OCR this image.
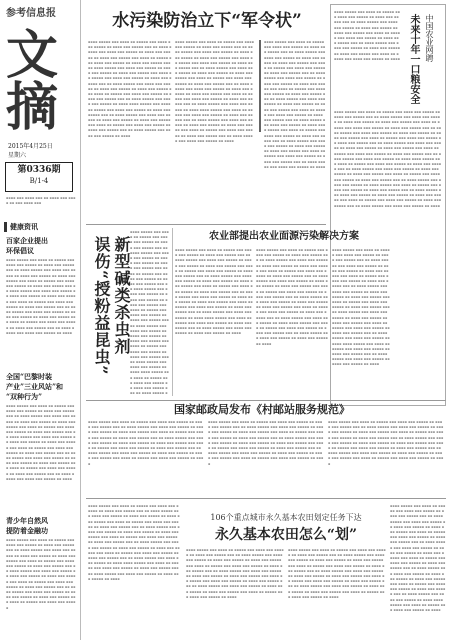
参考信息报
文摘
2015年4月25日
星期六
第0336期
B/1-4
▪▪▪▪ ▪▪▪ ▪▪▪▪ ▪▪▪ ▪▪ ▪▪▪▪ ▪▪▪ ▪▪▪▪ ▪▪ ▪▪▪ ▪▪▪▪ ▪▪▪
健康资讯
百家企业提出
环保倡议
▪▪▪▪ ▪▪▪▪▪ ▪▪▪ ▪▪▪▪ ▪▪ ▪▪▪▪▪ ▪▪▪ ▪▪▪▪ ▪▪▪ ▪▪▪▪▪ ▪▪ ▪▪▪▪ ▪▪▪ ▪▪▪▪▪ ▪▪▪ ▪▪ ▪▪▪▪ ▪▪▪▪▪ ▪▪▪ ▪▪▪▪ ▪▪▪ ▪▪▪▪▪ ▪▪ ▪▪▪▪ ▪▪▪ ▪▪▪▪▪ ▪▪ ▪▪▪▪ ▪▪▪ ▪▪▪▪▪ ▪▪▪ ▪▪▪▪ ▪▪ ▪▪▪▪▪ ▪▪▪ ▪▪▪▪ ▪▪▪ ▪▪▪▪▪ ▪▪ ▪▪▪▪ ▪▪▪ ▪▪▪▪▪ ▪▪▪ ▪▪ ▪▪▪▪ ▪▪▪▪▪ ▪▪▪ ▪▪▪▪ ▪▪▪ ▪▪▪▪▪ ▪▪ ▪▪▪▪ ▪▪▪ ▪▪▪▪▪ ▪▪ ▪▪▪▪ ▪▪▪ ▪▪▪▪▪ ▪▪▪ ▪▪▪▪ ▪▪ ▪▪▪▪▪ ▪▪▪ ▪▪▪▪ ▪▪▪ ▪▪▪▪▪ ▪▪ ▪▪▪▪ ▪▪▪ ▪▪▪▪▪ ▪▪▪ ▪▪ ▪▪▪▪ ▪▪▪▪▪ ▪▪▪ ▪▪▪▪ ▪▪▪ ▪▪▪▪▪ ▪▪ ▪▪▪▪ ▪▪▪ ▪▪▪▪▪ ▪▪ ▪▪▪▪ ▪▪▪ ▪▪▪▪▪ ▪▪▪ ▪▪▪▪ ▪▪ ▪▪▪▪▪ ▪▪▪ ▪▪▪▪ ▪▪▪ ▪▪▪▪▪ ▪▪ ▪▪▪▪ ▪▪▪ ▪▪▪▪▪ ▪▪▪ ▪▪ ▪▪▪▪ ▪▪▪▪▪ ▪▪▪ ▪▪▪▪ ▪▪▪ ▪▪▪▪▪ ▪▪ ▪▪▪▪
全国“巴黎时装
产业”三业风站”和
“双种行为”
▪▪▪▪ ▪▪▪▪▪ ▪▪▪ ▪▪▪▪ ▪▪ ▪▪▪▪▪ ▪▪▪ ▪▪▪▪ ▪▪▪ ▪▪▪▪▪ ▪▪ ▪▪▪▪ ▪▪▪ ▪▪▪▪▪ ▪▪▪ ▪▪ ▪▪▪▪ ▪▪▪▪▪ ▪▪▪ ▪▪▪▪ ▪▪▪ ▪▪▪▪▪ ▪▪ ▪▪▪▪ ▪▪▪ ▪▪▪▪▪ ▪▪ ▪▪▪▪ ▪▪▪ ▪▪▪▪▪ ▪▪▪ ▪▪▪▪ ▪▪ ▪▪▪▪▪ ▪▪▪ ▪▪▪▪ ▪▪▪ ▪▪▪▪▪ ▪▪ ▪▪▪▪ ▪▪▪ ▪▪▪▪▪ ▪▪▪ ▪▪ ▪▪▪▪ ▪▪▪▪▪ ▪▪▪ ▪▪▪▪ ▪▪▪ ▪▪▪▪▪ ▪▪ ▪▪▪▪ ▪▪▪ ▪▪▪▪▪ ▪▪ ▪▪▪▪ ▪▪▪ ▪▪▪▪▪ ▪▪▪ ▪▪▪▪ ▪▪ ▪▪▪▪▪ ▪▪▪ ▪▪▪▪ ▪▪▪ ▪▪▪▪▪ ▪▪ ▪▪▪▪ ▪▪▪ ▪▪▪▪▪ ▪▪▪ ▪▪ ▪▪▪▪ ▪▪▪▪▪ ▪▪▪ ▪▪▪▪ ▪▪▪ ▪▪▪▪▪ ▪▪ ▪▪▪▪ ▪▪▪ ▪▪▪▪▪ ▪▪ ▪▪▪▪ ▪▪▪ ▪▪▪▪▪ ▪▪▪ ▪▪▪▪ ▪▪ ▪▪▪▪▪ ▪▪▪ ▪▪▪▪ ▪▪▪ ▪▪▪▪▪ ▪▪ ▪▪▪▪ ▪▪▪ ▪▪▪▪▪ ▪▪▪ ▪▪ ▪▪▪▪ ▪▪▪▪▪ ▪▪▪ ▪▪▪▪ ▪▪▪ ▪▪▪▪▪ ▪▪ ▪▪▪▪
青少年自然风
提防着金融功
▪▪▪▪ ▪▪▪▪▪ ▪▪▪ ▪▪▪▪ ▪▪ ▪▪▪▪▪ ▪▪▪ ▪▪▪▪ ▪▪▪ ▪▪▪▪▪ ▪▪ ▪▪▪▪ ▪▪▪ ▪▪▪▪▪ ▪▪▪ ▪▪ ▪▪▪▪ ▪▪▪▪▪ ▪▪▪ ▪▪▪▪ ▪▪▪ ▪▪▪▪▪ ▪▪ ▪▪▪▪ ▪▪▪ ▪▪▪▪▪ ▪▪ ▪▪▪▪ ▪▪▪ ▪▪▪▪▪ ▪▪▪ ▪▪▪▪ ▪▪ ▪▪▪▪▪ ▪▪▪ ▪▪▪▪ ▪▪▪ ▪▪▪▪▪ ▪▪ ▪▪▪▪ ▪▪▪ ▪▪▪▪▪ ▪▪▪ ▪▪ ▪▪▪▪ ▪▪▪▪▪ ▪▪▪ ▪▪▪▪ ▪▪▪ ▪▪▪▪▪ ▪▪ ▪▪▪▪ ▪▪▪ ▪▪▪▪▪ ▪▪ ▪▪▪▪ ▪▪▪ ▪▪▪▪▪ ▪▪▪ ▪▪▪▪ ▪▪ ▪▪▪▪▪ ▪▪▪ ▪▪▪▪ ▪▪▪ ▪▪▪▪▪ ▪▪ ▪▪▪▪ ▪▪▪ ▪▪▪▪▪ ▪▪▪ ▪▪ ▪▪▪▪ ▪▪▪▪▪ ▪▪▪ ▪▪▪▪ ▪▪▪ ▪▪▪▪▪ ▪▪ ▪▪▪▪ ▪▪▪ ▪▪▪▪▪ ▪▪ ▪▪▪▪ ▪▪▪ ▪▪▪▪▪ ▪▪▪ ▪▪▪▪ ▪▪ ▪▪▪▪▪ ▪▪▪ ▪▪▪▪ ▪▪▪ ▪▪▪▪▪
水污染防治立下“军令状”
▪▪▪▪ ▪▪▪▪▪ ▪▪▪ ▪▪▪▪ ▪▪ ▪▪▪▪▪ ▪▪▪ ▪▪▪▪ ▪▪▪ ▪▪▪▪▪ ▪▪ ▪▪▪▪ ▪▪▪ ▪▪▪▪▪ ▪▪▪ ▪▪ ▪▪▪▪ ▪▪▪▪▪ ▪▪▪ ▪▪▪▪ ▪▪▪ ▪▪▪▪▪ ▪▪ ▪▪▪▪ ▪▪▪ ▪▪▪▪▪ ▪▪ ▪▪▪▪ ▪▪▪ ▪▪▪▪▪ ▪▪▪ ▪▪▪▪ ▪▪ ▪▪▪▪▪ ▪▪▪ ▪▪▪▪ ▪▪▪ ▪▪▪▪▪ ▪▪ ▪▪▪▪ ▪▪▪ ▪▪▪▪▪ ▪▪▪ ▪▪ ▪▪▪▪ ▪▪▪▪▪ ▪▪▪ ▪▪▪▪ ▪▪▪ ▪▪▪▪▪ ▪▪ ▪▪▪▪ ▪▪▪ ▪▪▪▪▪ ▪▪ ▪▪▪▪ ▪▪▪ ▪▪▪▪▪ ▪▪▪ ▪▪▪▪ ▪▪ ▪▪▪▪▪ ▪▪▪ ▪▪▪▪ ▪▪▪ ▪▪▪▪▪ ▪▪ ▪▪▪▪ ▪▪▪ ▪▪▪▪▪ ▪▪▪ ▪▪ ▪▪▪▪ ▪▪▪▪▪ ▪▪▪ ▪▪▪▪ ▪▪▪ ▪▪▪▪▪ ▪▪ ▪▪▪▪ ▪▪▪ ▪▪▪▪▪ ▪▪ ▪▪▪▪ ▪▪▪ ▪▪▪▪▪ ▪▪▪ ▪▪▪▪ ▪▪ ▪▪▪▪▪ ▪▪▪ ▪▪▪▪ ▪▪▪ ▪▪▪▪▪ ▪▪ ▪▪▪▪ ▪▪▪ ▪▪▪▪▪ ▪▪▪ ▪▪ ▪▪▪▪ ▪▪▪▪▪ ▪▪▪ ▪▪▪▪ ▪▪▪ ▪▪▪▪▪ ▪▪ ▪▪▪▪ ▪▪▪▪ ▪▪▪▪▪ ▪▪▪ ▪▪▪▪ ▪▪ ▪▪▪▪▪ ▪▪▪ ▪▪▪▪ ▪▪▪ ▪▪▪▪▪ ▪▪ ▪▪▪▪ ▪▪▪ ▪▪▪▪▪ ▪▪▪ ▪▪ ▪▪▪▪ ▪▪▪▪▪ ▪▪▪ ▪▪▪▪ ▪▪▪ ▪▪▪▪▪ ▪▪ ▪▪▪▪ ▪▪▪ ▪▪▪▪▪ ▪▪ ▪▪▪▪ ▪▪▪ ▪▪▪▪▪ ▪▪▪ ▪▪▪▪ ▪▪ ▪▪▪▪▪ ▪▪▪ ▪▪▪▪ ▪▪▪ ▪▪▪▪▪ ▪▪ ▪▪▪▪ ▪▪▪ ▪▪▪▪▪ ▪▪▪ ▪▪ ▪▪▪▪ ▪▪▪▪▪ ▪▪▪ ▪▪▪▪ ▪▪▪ ▪▪▪▪▪ ▪▪ ▪▪▪▪
▪▪▪▪ ▪▪▪▪▪ ▪▪▪ ▪▪▪▪ ▪▪ ▪▪▪▪▪ ▪▪▪ ▪▪▪▪ ▪▪▪ ▪▪▪▪▪ ▪▪ ▪▪▪▪ ▪▪▪ ▪▪▪▪▪ ▪▪▪ ▪▪ ▪▪▪▪ ▪▪▪▪▪ ▪▪▪ ▪▪▪▪ ▪▪▪ ▪▪▪▪▪ ▪▪ ▪▪▪▪ ▪▪▪ ▪▪▪▪▪ ▪▪ ▪▪▪▪ ▪▪▪ ▪▪▪▪▪ ▪▪▪ ▪▪▪▪ ▪▪ ▪▪▪▪▪ ▪▪▪ ▪▪▪▪ ▪▪▪ ▪▪▪▪▪ ▪▪ ▪▪▪▪ ▪▪▪ ▪▪▪▪▪ ▪▪▪ ▪▪ ▪▪▪▪ ▪▪▪▪▪ ▪▪▪ ▪▪▪▪ ▪▪▪ ▪▪▪▪▪ ▪▪ ▪▪▪▪ ▪▪▪ ▪▪▪▪▪ ▪▪ ▪▪▪▪ ▪▪▪ ▪▪▪▪▪ ▪▪▪ ▪▪▪▪ ▪▪ ▪▪▪▪▪ ▪▪▪ ▪▪▪▪ ▪▪▪ ▪▪▪▪▪ ▪▪ ▪▪▪▪ ▪▪▪ ▪▪▪▪▪ ▪▪▪ ▪▪ ▪▪▪▪ ▪▪▪▪▪ ▪▪▪ ▪▪▪▪ ▪▪▪ ▪▪▪▪▪ ▪▪ ▪▪▪▪ ▪▪▪ ▪▪▪▪▪ ▪▪ ▪▪▪▪ ▪▪▪ ▪▪▪▪▪ ▪▪▪ ▪▪▪▪ ▪▪ ▪▪▪▪▪ ▪▪▪ ▪▪▪▪ ▪▪▪ ▪▪▪▪▪ ▪▪ ▪▪▪▪ ▪▪▪ ▪▪▪▪▪ ▪▪▪ ▪▪ ▪▪▪▪ ▪▪▪▪▪ ▪▪▪ ▪▪▪▪ ▪▪▪ ▪▪▪▪▪ ▪▪ ▪▪▪▪ ▪▪▪▪ ▪▪▪▪▪ ▪▪▪ ▪▪▪▪ ▪▪ ▪▪▪▪▪ ▪▪▪ ▪▪▪▪ ▪▪▪ ▪▪▪▪▪ ▪▪ ▪▪▪▪ ▪▪▪ ▪▪▪▪▪ ▪▪▪ ▪▪ ▪▪▪▪ ▪▪▪▪▪ ▪▪▪ ▪▪▪▪ ▪▪▪ ▪▪▪▪▪ ▪▪ ▪▪▪▪ ▪▪▪ ▪▪▪▪▪ ▪▪ ▪▪▪▪ ▪▪▪ ▪▪▪▪▪ ▪▪▪ ▪▪▪▪ ▪▪ ▪▪▪▪▪ ▪▪▪ ▪▪▪▪ ▪▪▪ ▪▪▪▪▪ ▪▪ ▪▪▪▪ ▪▪▪ ▪▪▪▪▪ ▪▪▪ ▪▪ ▪▪▪▪ ▪▪▪▪▪ ▪▪▪ ▪▪▪▪ ▪▪▪ ▪▪▪▪▪ ▪▪ ▪▪▪▪
▪▪▪▪ ▪▪▪▪▪ ▪▪▪ ▪▪▪▪ ▪▪ ▪▪▪▪▪ ▪▪▪ ▪▪▪▪ ▪▪▪ ▪▪▪▪▪ ▪▪ ▪▪▪▪ ▪▪▪ ▪▪▪▪▪ ▪▪▪ ▪▪ ▪▪▪▪ ▪▪▪▪▪ ▪▪▪ ▪▪▪▪ ▪▪▪ ▪▪▪▪▪ ▪▪ ▪▪▪▪ ▪▪▪ ▪▪▪▪▪ ▪▪ ▪▪▪▪ ▪▪▪ ▪▪▪▪▪ ▪▪▪ ▪▪▪▪ ▪▪ ▪▪▪▪▪ ▪▪▪ ▪▪▪▪ ▪▪▪ ▪▪▪▪▪ ▪▪ ▪▪▪▪ ▪▪▪ ▪▪▪▪▪ ▪▪▪ ▪▪ ▪▪▪▪ ▪▪▪▪▪ ▪▪▪ ▪▪▪▪ ▪▪▪ ▪▪▪▪▪ ▪▪ ▪▪▪▪ ▪▪▪ ▪▪▪▪▪ ▪▪ ▪▪▪▪ ▪▪▪ ▪▪▪▪▪ ▪▪▪ ▪▪▪▪ ▪▪ ▪▪▪▪▪ ▪▪▪ ▪▪▪▪ ▪▪▪ ▪▪▪▪▪ ▪▪ ▪▪▪▪ ▪▪▪ ▪▪▪▪▪ ▪▪▪ ▪▪ ▪▪▪▪ ▪▪▪▪▪ ▪▪▪ ▪▪▪▪ ▪▪▪ ▪▪▪▪▪ ▪▪ ▪▪▪▪ ▪▪▪ ▪▪▪▪▪ ▪▪ ▪▪▪▪ ▪▪▪ ▪▪▪▪▪ ▪▪▪ ▪▪▪▪ ▪▪ ▪▪▪▪▪ ▪▪▪ ▪▪▪▪ ▪▪▪ ▪▪▪▪▪ ▪▪ ▪▪▪▪ ▪▪▪ ▪▪▪▪▪ ▪▪▪ ▪▪ ▪▪▪▪ ▪▪▪▪▪ ▪▪▪ ▪▪▪▪ ▪▪▪ ▪▪▪▪▪ ▪▪ ▪▪▪▪ ▪▪▪▪ ▪▪▪▪▪ ▪▪▪ ▪▪▪▪ ▪▪ ▪▪▪▪▪ ▪▪▪ ▪▪▪▪ ▪▪▪ ▪▪▪▪▪ ▪▪ ▪▪▪▪ ▪▪▪ ▪▪▪▪▪ ▪▪▪ ▪▪ ▪▪▪▪ ▪▪▪▪▪ ▪▪▪ ▪▪▪▪ ▪▪▪ ▪▪▪▪▪ ▪▪ ▪▪▪▪ ▪▪▪ ▪▪▪▪▪ ▪▪ ▪▪▪▪ ▪▪▪ ▪▪▪▪▪ ▪▪▪ ▪▪▪▪ ▪▪ ▪▪▪▪▪ ▪▪▪ ▪▪▪▪ ▪▪▪ ▪▪▪▪▪ ▪▪ ▪▪▪▪ ▪▪▪ ▪▪▪▪▪ ▪▪▪ ▪▪ ▪▪▪▪ ▪▪▪▪▪ ▪▪▪ ▪▪▪▪ ▪▪▪ ▪▪▪▪▪ ▪▪ ▪▪▪▪
中国农业网聘
未来十年一口粮安全
▪▪▪▪ ▪▪▪▪▪ ▪▪▪ ▪▪▪▪ ▪▪ ▪▪▪▪▪ ▪▪▪ ▪▪▪▪ ▪▪▪ ▪▪▪▪▪ ▪▪ ▪▪▪▪ ▪▪▪ ▪▪▪▪▪ ▪▪▪ ▪▪ ▪▪▪▪ ▪▪▪▪▪ ▪▪▪ ▪▪▪▪ ▪▪▪ ▪▪▪▪▪ ▪▪ ▪▪▪▪ ▪▪▪ ▪▪▪▪▪ ▪▪ ▪▪▪▪ ▪▪▪ ▪▪▪▪▪ ▪▪▪ ▪▪▪▪ ▪▪ ▪▪▪▪▪ ▪▪▪ ▪▪▪▪ ▪▪▪ ▪▪▪▪▪ ▪▪ ▪▪▪▪ ▪▪▪ ▪▪▪▪▪ ▪▪▪ ▪▪ ▪▪▪▪ ▪▪▪▪▪ ▪▪▪ ▪▪▪▪ ▪▪▪ ▪▪▪▪▪ ▪▪ ▪▪▪▪ ▪▪▪ ▪▪▪▪▪ ▪▪ ▪▪▪▪ ▪▪▪ ▪▪▪▪▪ ▪▪▪ ▪▪▪▪ ▪▪ ▪▪▪▪▪ ▪▪▪ ▪▪▪▪ ▪▪▪ ▪▪▪▪▪ ▪▪ ▪▪▪▪
▪▪▪▪ ▪▪▪▪▪ ▪▪▪ ▪▪▪▪ ▪▪ ▪▪▪▪▪ ▪▪▪ ▪▪▪▪ ▪▪▪ ▪▪▪▪▪ ▪▪ ▪▪▪▪ ▪▪▪ ▪▪▪▪▪ ▪▪▪ ▪▪ ▪▪▪▪ ▪▪▪▪▪ ▪▪▪ ▪▪▪▪ ▪▪▪ ▪▪▪▪▪ ▪▪ ▪▪▪▪ ▪▪▪ ▪▪▪▪▪ ▪▪ ▪▪▪▪ ▪▪▪ ▪▪▪▪▪ ▪▪▪ ▪▪▪▪ ▪▪ ▪▪▪▪▪ ▪▪▪ ▪▪▪▪ ▪▪▪ ▪▪▪▪▪ ▪▪ ▪▪▪▪ ▪▪▪ ▪▪▪▪▪ ▪▪▪ ▪▪ ▪▪▪▪ ▪▪▪▪▪ ▪▪▪ ▪▪▪▪ ▪▪▪ ▪▪▪▪▪ ▪▪ ▪▪▪▪ ▪▪▪ ▪▪▪▪▪ ▪▪ ▪▪▪▪ ▪▪▪ ▪▪▪▪▪ ▪▪▪ ▪▪▪▪ ▪▪ ▪▪▪▪▪ ▪▪▪ ▪▪▪▪ ▪▪▪ ▪▪▪▪▪ ▪▪ ▪▪▪▪ ▪▪▪ ▪▪▪▪▪ ▪▪▪ ▪▪ ▪▪▪▪ ▪▪▪▪▪ ▪▪▪ ▪▪▪▪ ▪▪▪ ▪▪▪▪▪ ▪▪ ▪▪▪▪ ▪▪▪ ▪▪▪▪▪ ▪▪ ▪▪▪▪ ▪▪▪ ▪▪▪▪▪ ▪▪▪ ▪▪▪▪ ▪▪ ▪▪▪▪▪ ▪▪▪ ▪▪▪▪ ▪▪▪ ▪▪▪▪▪ ▪▪ ▪▪▪▪ ▪▪▪ ▪▪▪▪▪ ▪▪▪ ▪▪ ▪▪▪▪ ▪▪▪▪▪ ▪▪▪ ▪▪▪▪ ▪▪▪ ▪▪▪▪▪ ▪▪ ▪▪▪▪ ▪▪▪▪ ▪▪▪▪▪ ▪▪▪ ▪▪▪▪ ▪▪ ▪▪▪▪▪ ▪▪▪ ▪▪▪▪ ▪▪▪ ▪▪▪▪▪ ▪▪ ▪▪▪▪ ▪▪▪ ▪▪▪▪▪ ▪▪▪ ▪▪ ▪▪▪▪ ▪▪▪▪▪ ▪▪▪ ▪▪▪▪ ▪▪▪ ▪▪▪▪▪ ▪▪ ▪▪▪▪ ▪▪▪ ▪▪▪▪▪ ▪▪ ▪▪▪▪ ▪▪▪ ▪▪▪▪▪ ▪▪▪ ▪▪▪▪ ▪▪ ▪▪▪▪▪ ▪▪▪ ▪▪▪▪ ▪▪▪ ▪▪▪▪▪ ▪▪ ▪▪▪▪ ▪▪▪ ▪▪▪▪▪ ▪▪▪ ▪▪ ▪▪▪▪ ▪▪▪▪▪ ▪▪▪ ▪▪▪▪ ▪▪▪ ▪▪▪▪▪ ▪▪ ▪▪▪▪ ▪▪▪▪▪ ▪▪▪ ▪▪▪▪ ▪▪ ▪▪▪▪▪ ▪▪▪ ▪▪▪▪ ▪▪▪ ▪▪▪▪▪ ▪▪ ▪▪▪▪ ▪▪▪ ▪▪▪▪▪ ▪▪▪ ▪▪ ▪▪▪▪ ▪▪▪▪▪ ▪▪▪ ▪▪▪▪ ▪▪▪ ▪▪▪▪▪ ▪▪ ▪▪▪▪ ▪▪▪ ▪▪▪▪▪ ▪▪ ▪▪▪▪ ▪▪▪ ▪▪▪▪▪ ▪▪▪ ▪▪▪▪ ▪▪ ▪▪▪▪▪ ▪▪▪ ▪▪▪▪ ▪▪▪ ▪▪▪▪▪ ▪▪ ▪▪▪▪ ▪▪▪ ▪▪▪▪▪ ▪▪▪ ▪▪ ▪▪▪▪ ▪▪▪▪▪ ▪▪▪ ▪▪▪▪ ▪▪▪ ▪▪▪▪▪ ▪▪ ▪▪▪▪
新型碱类杀虫剂
误伤“授粉益昆虫”
▪▪▪▪ ▪▪▪▪▪ ▪▪▪ ▪▪▪▪ ▪▪ ▪▪▪▪▪ ▪▪▪ ▪▪▪▪ ▪▪▪ ▪▪▪▪▪ ▪▪ ▪▪▪▪ ▪▪▪ ▪▪▪▪▪ ▪▪▪ ▪▪ ▪▪▪▪ ▪▪▪▪▪ ▪▪▪ ▪▪▪▪ ▪▪▪ ▪▪▪▪▪ ▪▪ ▪▪▪▪ ▪▪▪ ▪▪▪▪▪ ▪▪ ▪▪▪▪ ▪▪▪ ▪▪▪▪▪ ▪▪▪ ▪▪▪▪ ▪▪ ▪▪▪▪▪ ▪▪▪ ▪▪▪▪ ▪▪▪ ▪▪▪▪▪ ▪▪ ▪▪▪▪ ▪▪▪ ▪▪▪▪▪ ▪▪▪ ▪▪ ▪▪▪▪ ▪▪▪▪▪ ▪▪▪ ▪▪▪▪ ▪▪▪ ▪▪▪▪▪ ▪▪ ▪▪▪▪ ▪▪▪ ▪▪▪▪▪ ▪▪ ▪▪▪▪ ▪▪▪ ▪▪▪▪▪ ▪▪▪ ▪▪▪▪ ▪▪ ▪▪▪▪▪ ▪▪▪ ▪▪▪▪ ▪▪▪ ▪▪▪▪▪ ▪▪ ▪▪▪▪ ▪▪▪ ▪▪▪▪▪ ▪▪▪ ▪▪ ▪▪▪▪ ▪▪▪▪▪ ▪▪▪ ▪▪▪▪ ▪▪▪ ▪▪▪▪▪ ▪▪ ▪▪▪▪ ▪▪▪ ▪▪▪▪▪ ▪▪ ▪▪▪▪ ▪▪▪ ▪▪▪▪▪ ▪▪▪ ▪▪▪▪ ▪▪ ▪▪▪▪▪ ▪▪▪ ▪▪▪▪ ▪▪▪ ▪▪▪▪▪ ▪▪ ▪▪▪▪ ▪▪▪ ▪▪▪▪▪ ▪▪▪ ▪▪ ▪▪▪▪ ▪▪▪▪▪ ▪▪▪ ▪▪▪▪ ▪▪▪ ▪▪▪▪▪ ▪▪ ▪▪▪▪ ▪▪▪▪ ▪▪▪▪▪ ▪▪▪ ▪▪▪▪ ▪▪ ▪▪▪▪▪ ▪▪▪ ▪▪▪▪ ▪▪▪ ▪▪▪▪▪ ▪▪ ▪▪▪▪ ▪▪▪ ▪▪▪▪▪ ▪▪▪ ▪▪ ▪▪▪▪ ▪▪▪▪▪ ▪
农业部提出农业面源污染解决方案
▪▪▪▪ ▪▪▪▪▪ ▪▪▪ ▪▪▪▪ ▪▪ ▪▪▪▪▪ ▪▪▪ ▪▪▪▪ ▪▪▪ ▪▪▪▪▪ ▪▪ ▪▪▪▪ ▪▪▪ ▪▪▪▪▪ ▪▪▪ ▪▪ ▪▪▪▪ ▪▪▪▪▪ ▪▪▪ ▪▪▪▪ ▪▪▪ ▪▪▪▪▪ ▪▪ ▪▪▪▪ ▪▪▪ ▪▪▪▪▪ ▪▪ ▪▪▪▪ ▪▪▪ ▪▪▪▪▪ ▪▪▪ ▪▪▪▪ ▪▪ ▪▪▪▪▪ ▪▪▪ ▪▪▪▪ ▪▪▪ ▪▪▪▪▪ ▪▪ ▪▪▪▪ ▪▪▪ ▪▪▪▪▪ ▪▪▪ ▪▪ ▪▪▪▪ ▪▪▪▪▪ ▪▪▪ ▪▪▪▪ ▪▪▪ ▪▪▪▪▪ ▪▪ ▪▪▪▪ ▪▪▪ ▪▪▪▪▪ ▪▪ ▪▪▪▪ ▪▪▪ ▪▪▪▪▪ ▪▪▪ ▪▪▪▪ ▪▪ ▪▪▪▪▪ ▪▪▪ ▪▪▪▪ ▪▪▪ ▪▪▪▪▪ ▪▪ ▪▪▪▪ ▪▪▪ ▪▪▪▪▪ ▪▪▪ ▪▪ ▪▪▪▪ ▪▪▪▪▪ ▪▪▪ ▪▪▪▪ ▪▪▪ ▪▪▪▪▪ ▪▪ ▪▪▪▪ ▪▪▪ ▪▪▪▪▪ ▪▪ ▪▪▪▪ ▪▪▪ ▪▪▪▪▪ ▪▪▪ ▪▪▪▪ ▪▪ ▪▪▪▪▪ ▪▪▪ ▪▪▪▪ ▪▪▪ ▪▪▪▪▪ ▪▪ ▪▪▪▪ ▪▪▪ ▪▪▪▪▪ ▪▪▪ ▪▪ ▪▪▪▪ ▪▪▪▪▪ ▪▪▪ ▪▪▪▪ ▪▪▪ ▪▪▪▪▪ ▪▪ ▪▪▪▪ ▪▪▪▪ ▪▪▪▪▪ ▪▪▪ ▪▪▪▪ ▪▪ ▪▪▪▪▪ ▪▪▪ ▪▪▪▪ ▪▪▪ ▪▪▪▪▪ ▪▪ ▪▪▪▪ ▪▪▪ ▪▪▪▪▪ ▪▪▪ ▪▪ ▪▪▪▪ ▪▪▪▪▪ ▪▪▪ ▪▪▪▪ ▪▪▪ ▪▪▪▪▪ ▪▪ ▪▪▪▪ ▪▪▪ ▪▪▪▪▪ ▪▪ ▪▪▪▪
▪▪▪▪ ▪▪▪▪▪ ▪▪▪ ▪▪▪▪ ▪▪ ▪▪▪▪▪ ▪▪▪ ▪▪▪▪ ▪▪▪ ▪▪▪▪▪ ▪▪ ▪▪▪▪ ▪▪▪ ▪▪▪▪▪ ▪▪▪ ▪▪ ▪▪▪▪ ▪▪▪▪▪ ▪▪▪ ▪▪▪▪ ▪▪▪ ▪▪▪▪▪ ▪▪ ▪▪▪▪ ▪▪▪ ▪▪▪▪▪ ▪▪ ▪▪▪▪ ▪▪▪ ▪▪▪▪▪ ▪▪▪ ▪▪▪▪ ▪▪ ▪▪▪▪▪ ▪▪▪ ▪▪▪▪ ▪▪▪ ▪▪▪▪▪ ▪▪ ▪▪▪▪ ▪▪▪ ▪▪▪▪▪ ▪▪▪ ▪▪ ▪▪▪▪ ▪▪▪▪▪ ▪▪▪ ▪▪▪▪ ▪▪▪ ▪▪▪▪▪ ▪▪ ▪▪▪▪ ▪▪▪ ▪▪▪▪▪ ▪▪ ▪▪▪▪ ▪▪▪ ▪▪▪▪▪ ▪▪▪ ▪▪▪▪ ▪▪ ▪▪▪▪▪ ▪▪▪ ▪▪▪▪ ▪▪▪ ▪▪▪▪▪ ▪▪ ▪▪▪▪ ▪▪▪ ▪▪▪▪▪ ▪▪▪ ▪▪ ▪▪▪▪ ▪▪▪▪▪ ▪▪▪ ▪▪▪▪ ▪▪▪ ▪▪▪▪▪ ▪▪ ▪▪▪▪ ▪▪▪ ▪▪▪▪▪ ▪▪ ▪▪▪▪ ▪▪▪ ▪▪▪▪▪ ▪▪▪ ▪▪▪▪ ▪▪ ▪▪▪▪▪ ▪▪▪ ▪▪▪▪ ▪▪▪ ▪▪▪▪▪ ▪▪ ▪▪▪▪ ▪▪▪ ▪▪▪▪▪ ▪▪▪ ▪▪ ▪▪▪▪ ▪▪▪▪▪ ▪▪▪ ▪▪▪▪ ▪▪▪ ▪▪▪▪▪ ▪▪ ▪▪▪▪ ▪▪▪▪ ▪▪▪▪▪ ▪▪▪ ▪▪▪▪ ▪▪ ▪▪▪▪▪ ▪▪▪ ▪▪▪▪ ▪▪▪ ▪▪▪▪▪ ▪▪ ▪▪▪▪ ▪▪▪ ▪▪▪▪▪ ▪▪▪ ▪▪ ▪▪▪▪ ▪▪▪▪▪ ▪▪▪ ▪▪▪▪ ▪▪▪ ▪▪▪▪▪ ▪▪ ▪▪▪▪ ▪▪▪ ▪▪▪▪▪ ▪▪ ▪▪▪▪
▪▪▪▪ ▪▪▪▪▪ ▪▪▪ ▪▪▪▪ ▪▪ ▪▪▪▪▪ ▪▪▪ ▪▪▪▪ ▪▪▪ ▪▪▪▪▪ ▪▪ ▪▪▪▪ ▪▪▪ ▪▪▪▪▪ ▪▪▪ ▪▪ ▪▪▪▪ ▪▪▪▪▪ ▪▪▪ ▪▪▪▪ ▪▪▪ ▪▪▪▪▪ ▪▪ ▪▪▪▪ ▪▪▪ ▪▪▪▪▪ ▪▪ ▪▪▪▪ ▪▪▪ ▪▪▪▪▪ ▪▪▪ ▪▪▪▪ ▪▪ ▪▪▪▪▪ ▪▪▪ ▪▪▪▪ ▪▪▪ ▪▪▪▪▪ ▪▪ ▪▪▪▪ ▪▪▪ ▪▪▪▪▪ ▪▪▪ ▪▪ ▪▪▪▪ ▪▪▪▪▪ ▪▪▪ ▪▪▪▪ ▪▪▪ ▪▪▪▪▪ ▪▪ ▪▪▪▪ ▪▪▪ ▪▪▪▪▪ ▪▪ ▪▪▪▪ ▪▪▪ ▪▪▪▪▪ ▪▪▪ ▪▪▪▪ ▪▪ ▪▪▪▪▪ ▪▪▪ ▪▪▪▪ ▪▪▪ ▪▪▪▪▪ ▪▪ ▪▪▪▪ ▪▪▪ ▪▪▪▪▪ ▪▪▪ ▪▪ ▪▪▪▪ ▪▪▪▪▪ ▪▪▪ ▪▪▪▪ ▪▪▪ ▪▪▪▪▪ ▪▪ ▪▪▪▪ ▪▪▪ ▪▪▪▪▪ ▪▪ ▪▪▪▪ ▪▪▪ ▪▪▪▪▪ ▪▪▪ ▪▪▪▪ ▪▪ ▪▪▪▪▪ ▪▪▪ ▪▪▪▪ ▪▪▪ ▪▪▪▪▪ ▪▪ ▪▪▪▪ ▪▪▪ ▪▪▪▪▪ ▪▪▪ ▪▪ ▪▪▪▪ ▪▪▪▪▪ ▪▪▪ ▪▪▪▪ ▪▪▪ ▪▪▪▪▪ ▪▪ ▪▪▪▪ ▪▪▪▪ ▪▪▪▪▪ ▪▪▪ ▪▪▪▪ ▪▪ ▪▪▪▪▪ ▪▪▪ ▪▪▪▪ ▪▪▪ ▪▪▪▪▪ ▪▪ ▪▪▪▪ ▪▪▪ ▪▪▪▪▪ ▪▪▪ ▪▪ ▪▪▪▪ ▪▪▪▪▪ ▪▪▪ ▪▪▪▪ ▪▪▪ ▪▪▪▪▪ ▪▪ ▪▪▪▪ ▪▪▪ ▪▪▪▪▪ ▪▪ ▪▪▪▪
国家邮政局发布《村邮站服务规范》
▪▪▪▪ ▪▪▪▪▪ ▪▪▪ ▪▪▪▪ ▪▪ ▪▪▪▪▪ ▪▪▪ ▪▪▪▪ ▪▪▪ ▪▪▪▪▪ ▪▪ ▪▪▪▪ ▪▪▪ ▪▪▪▪▪ ▪▪▪ ▪▪ ▪▪▪▪ ▪▪▪▪▪ ▪▪▪ ▪▪▪▪ ▪▪▪ ▪▪▪▪▪ ▪▪ ▪▪▪▪ ▪▪▪ ▪▪▪▪▪ ▪▪ ▪▪▪▪ ▪▪▪ ▪▪▪▪▪ ▪▪▪ ▪▪▪▪ ▪▪ ▪▪▪▪▪ ▪▪▪ ▪▪▪▪ ▪▪▪ ▪▪▪▪▪ ▪▪ ▪▪▪▪ ▪▪▪ ▪▪▪▪▪ ▪▪▪ ▪▪ ▪▪▪▪ ▪▪▪▪▪ ▪▪▪ ▪▪▪▪ ▪▪▪ ▪▪▪▪▪ ▪▪ ▪▪▪▪ ▪▪▪ ▪▪▪▪▪ ▪▪ ▪▪▪▪ ▪▪▪ ▪▪▪▪▪ ▪▪▪ ▪▪▪▪ ▪▪ ▪▪▪▪▪ ▪▪▪ ▪▪▪▪ ▪▪▪ ▪▪▪▪▪ ▪▪ ▪▪▪▪ ▪▪▪ ▪▪▪▪▪ ▪▪▪ ▪▪ ▪▪▪▪ ▪▪▪▪▪ ▪▪▪ ▪▪▪▪ ▪▪▪ ▪▪▪▪▪ ▪▪ ▪▪▪▪ ▪▪▪ ▪▪▪▪▪ ▪▪ ▪▪▪▪ ▪▪▪ ▪▪▪▪▪ ▪▪▪ ▪▪▪▪ ▪▪ ▪▪▪▪▪ ▪▪▪ ▪▪▪▪ ▪▪▪ ▪▪▪▪▪ ▪▪ ▪▪▪▪
▪▪▪▪ ▪▪▪▪▪ ▪▪▪ ▪▪▪▪ ▪▪ ▪▪▪▪▪ ▪▪▪ ▪▪▪▪ ▪▪▪ ▪▪▪▪▪ ▪▪ ▪▪▪▪ ▪▪▪ ▪▪▪▪▪ ▪▪▪ ▪▪ ▪▪▪▪ ▪▪▪▪▪ ▪▪▪ ▪▪▪▪ ▪▪▪ ▪▪▪▪▪ ▪▪ ▪▪▪▪ ▪▪▪ ▪▪▪▪▪ ▪▪ ▪▪▪▪ ▪▪▪ ▪▪▪▪▪ ▪▪▪ ▪▪▪▪ ▪▪ ▪▪▪▪▪ ▪▪▪ ▪▪▪▪ ▪▪▪ ▪▪▪▪▪ ▪▪ ▪▪▪▪ ▪▪▪ ▪▪▪▪▪ ▪▪▪ ▪▪ ▪▪▪▪ ▪▪▪▪▪ ▪▪▪ ▪▪▪▪ ▪▪▪ ▪▪▪▪▪ ▪▪ ▪▪▪▪ ▪▪▪ ▪▪▪▪▪ ▪▪ ▪▪▪▪ ▪▪▪ ▪▪▪▪▪ ▪▪▪ ▪▪▪▪ ▪▪ ▪▪▪▪▪ ▪▪▪ ▪▪▪▪ ▪▪▪ ▪▪▪▪▪ ▪▪ ▪▪▪▪ ▪▪▪ ▪▪▪▪▪ ▪▪▪ ▪▪ ▪▪▪▪ ▪▪▪▪▪ ▪▪▪ ▪▪▪▪ ▪▪▪ ▪▪▪▪▪ ▪▪ ▪▪▪▪ ▪▪▪ ▪▪▪▪▪ ▪▪ ▪▪▪▪ ▪▪▪ ▪▪▪▪▪ ▪▪▪ ▪▪▪▪ ▪▪ ▪▪▪▪▪ ▪▪▪ ▪▪▪▪ ▪▪▪ ▪▪▪▪▪ ▪▪ ▪▪▪▪
▪▪▪▪ ▪▪▪▪▪ ▪▪▪ ▪▪▪▪ ▪▪ ▪▪▪▪▪ ▪▪▪ ▪▪▪▪ ▪▪▪ ▪▪▪▪▪ ▪▪ ▪▪▪▪ ▪▪▪ ▪▪▪▪▪ ▪▪▪ ▪▪ ▪▪▪▪ ▪▪▪▪▪ ▪▪▪ ▪▪▪▪ ▪▪▪ ▪▪▪▪▪ ▪▪ ▪▪▪▪ ▪▪▪ ▪▪▪▪▪ ▪▪ ▪▪▪▪ ▪▪▪ ▪▪▪▪▪ ▪▪▪ ▪▪▪▪ ▪▪ ▪▪▪▪▪ ▪▪▪ ▪▪▪▪ ▪▪▪ ▪▪▪▪▪ ▪▪ ▪▪▪▪ ▪▪▪ ▪▪▪▪▪ ▪▪▪ ▪▪ ▪▪▪▪ ▪▪▪▪▪ ▪▪▪ ▪▪▪▪ ▪▪▪ ▪▪▪▪▪ ▪▪ ▪▪▪▪ ▪▪▪ ▪▪▪▪▪ ▪▪ ▪▪▪▪ ▪▪▪ ▪▪▪▪▪ ▪▪▪ ▪▪▪▪ ▪▪ ▪▪▪▪▪ ▪▪▪ ▪▪▪▪ ▪▪▪ ▪▪▪▪▪ ▪▪ ▪▪▪▪ ▪▪▪ ▪▪▪▪▪ ▪▪▪ ▪▪ ▪▪▪▪ ▪▪▪▪▪ ▪▪▪ ▪▪▪▪ ▪▪▪ ▪▪▪▪▪ ▪▪ ▪▪▪▪ ▪▪▪ ▪▪▪▪▪ ▪▪ ▪▪▪▪ ▪▪▪ ▪▪▪▪▪ ▪▪▪ ▪▪▪▪ ▪▪ ▪▪▪▪▪ ▪▪▪ ▪▪▪▪ ▪▪▪ ▪▪▪▪▪ ▪▪ ▪▪▪▪
▪▪▪▪ ▪▪▪▪▪ ▪▪▪ ▪▪▪▪ ▪▪ ▪▪▪▪▪ ▪▪▪ ▪▪▪▪ ▪▪▪ ▪▪▪▪▪ ▪▪ ▪▪▪▪ ▪▪▪ ▪▪▪▪▪ ▪▪▪ ▪▪ ▪▪▪▪ ▪▪▪▪▪ ▪▪▪ ▪▪▪▪ ▪▪▪ ▪▪▪▪▪ ▪▪ ▪▪▪▪ ▪▪▪ ▪▪▪▪▪ ▪▪ ▪▪▪▪ ▪▪▪ ▪▪▪▪▪ ▪▪▪ ▪▪▪▪ ▪▪ ▪▪▪▪▪ ▪▪▪ ▪▪▪▪ ▪▪▪ ▪▪▪▪▪ ▪▪ ▪▪▪▪ ▪▪▪ ▪▪▪▪▪ ▪▪▪ ▪▪ ▪▪▪▪ ▪▪▪▪▪ ▪▪▪ ▪▪▪▪ ▪▪▪ ▪▪▪▪▪ ▪▪ ▪▪▪▪ ▪▪▪ ▪▪▪▪▪ ▪▪ ▪▪▪▪ ▪▪▪ ▪▪▪▪▪ ▪▪▪ ▪▪▪▪ ▪▪ ▪▪▪▪▪ ▪▪▪ ▪▪▪▪ ▪▪▪ ▪▪▪▪▪ ▪▪ ▪▪▪▪ ▪▪▪ ▪▪▪▪▪ ▪▪▪ ▪▪ ▪▪▪▪ ▪▪▪▪▪ ▪▪▪ ▪▪▪▪ ▪▪▪ ▪▪▪▪▪ ▪▪ ▪▪▪▪ ▪▪▪ ▪▪▪▪▪ ▪▪ ▪▪▪▪ ▪▪▪ ▪▪▪▪▪ ▪▪▪ ▪▪▪▪ ▪▪ ▪▪▪▪▪ ▪▪▪ ▪▪▪▪ ▪▪▪ ▪▪▪▪▪ ▪▪ ▪▪▪▪ ▪▪▪ ▪▪▪▪▪ ▪▪▪ ▪▪ ▪▪▪▪ ▪▪▪▪▪ ▪▪▪ ▪▪▪▪ ▪▪▪ ▪▪▪▪▪ ▪▪ ▪▪▪▪ ▪▪▪▪ ▪▪▪▪▪ ▪▪▪ ▪▪▪▪ ▪▪ ▪▪▪▪▪ ▪▪▪ ▪▪▪▪ ▪▪▪ ▪▪▪▪▪ ▪▪ ▪▪▪▪ ▪▪▪ ▪▪▪▪▪ ▪▪▪ ▪▪ ▪▪▪▪ ▪▪▪▪▪ ▪▪▪ ▪▪▪▪ ▪▪▪ ▪▪▪▪▪ ▪▪ ▪▪▪▪ ▪▪▪ ▪▪▪▪▪ ▪▪ ▪▪▪▪
106个重点城市永久基本农田划定任务下达
永久基本农田怎么“划”
▪▪▪▪ ▪▪▪▪▪ ▪▪▪ ▪▪▪▪ ▪▪ ▪▪▪▪▪ ▪▪▪ ▪▪▪▪ ▪▪▪ ▪▪▪▪▪ ▪▪ ▪▪▪▪ ▪▪▪ ▪▪▪▪▪ ▪▪▪ ▪▪ ▪▪▪▪ ▪▪▪▪▪ ▪▪▪ ▪▪▪▪ ▪▪▪ ▪▪▪▪▪ ▪▪ ▪▪▪▪ ▪▪▪ ▪▪▪▪▪ ▪▪ ▪▪▪▪ ▪▪▪ ▪▪▪▪▪ ▪▪▪ ▪▪▪▪ ▪▪ ▪▪▪▪▪ ▪▪▪ ▪▪▪▪ ▪▪▪ ▪▪▪▪▪ ▪▪ ▪▪▪▪ ▪▪▪ ▪▪▪▪▪ ▪▪▪ ▪▪ ▪▪▪▪ ▪▪▪▪▪ ▪▪▪ ▪▪▪▪ ▪▪▪ ▪▪▪▪▪ ▪▪ ▪▪▪▪ ▪▪▪ ▪▪▪▪▪ ▪▪ ▪▪▪▪ ▪▪▪ ▪▪▪▪▪ ▪▪▪ ▪▪▪▪ ▪▪ ▪▪▪▪▪ ▪▪▪ ▪▪▪▪ ▪▪▪ ▪▪▪▪▪ ▪▪ ▪▪▪▪ ▪▪▪ ▪▪▪▪▪ ▪▪▪ ▪▪ ▪▪▪▪ ▪▪▪▪▪ ▪▪▪ ▪▪▪▪ ▪▪▪ ▪▪▪▪▪ ▪▪ ▪▪▪▪ ▪▪▪ ▪▪▪▪▪ ▪▪ ▪▪▪▪ ▪▪▪ ▪▪▪▪▪ ▪▪▪ ▪▪▪▪ ▪▪ ▪▪▪▪▪ ▪▪▪ ▪▪▪▪ ▪▪▪ ▪▪▪▪▪ ▪▪ ▪▪▪▪
▪▪▪▪ ▪▪▪▪▪ ▪▪▪ ▪▪▪▪ ▪▪ ▪▪▪▪▪ ▪▪▪ ▪▪▪▪ ▪▪▪ ▪▪▪▪▪ ▪▪ ▪▪▪▪ ▪▪▪ ▪▪▪▪▪ ▪▪▪ ▪▪ ▪▪▪▪ ▪▪▪▪▪ ▪▪▪ ▪▪▪▪ ▪▪▪ ▪▪▪▪▪ ▪▪ ▪▪▪▪ ▪▪▪ ▪▪▪▪▪ ▪▪ ▪▪▪▪ ▪▪▪ ▪▪▪▪▪ ▪▪▪ ▪▪▪▪ ▪▪ ▪▪▪▪▪ ▪▪▪ ▪▪▪▪ ▪▪▪ ▪▪▪▪▪ ▪▪ ▪▪▪▪ ▪▪▪ ▪▪▪▪▪ ▪▪▪ ▪▪ ▪▪▪▪ ▪▪▪▪▪ ▪▪▪ ▪▪▪▪ ▪▪▪ ▪▪▪▪▪ ▪▪ ▪▪▪▪ ▪▪▪ ▪▪▪▪▪ ▪▪ ▪▪▪▪ ▪▪▪ ▪▪▪▪▪ ▪▪▪ ▪▪▪▪ ▪▪ ▪▪▪▪▪ ▪▪▪ ▪▪▪▪ ▪▪▪ ▪▪▪▪▪ ▪▪ ▪▪▪▪ ▪▪▪ ▪▪▪▪▪ ▪▪▪ ▪▪ ▪▪▪▪ ▪▪▪▪▪ ▪▪▪ ▪▪▪▪ ▪▪▪ ▪▪▪▪▪ ▪▪ ▪▪▪▪ ▪▪▪ ▪▪▪▪▪ ▪▪ ▪▪▪▪ ▪▪▪ ▪▪▪▪▪ ▪▪▪ ▪▪▪▪ ▪▪ ▪▪▪▪▪ ▪▪▪ ▪▪▪▪ ▪▪▪ ▪▪▪▪▪ ▪▪ ▪▪▪▪
▪▪▪▪ ▪▪▪▪▪ ▪▪▪ ▪▪▪▪ ▪▪ ▪▪▪▪▪ ▪▪▪ ▪▪▪▪ ▪▪▪ ▪▪▪▪▪ ▪▪ ▪▪▪▪ ▪▪▪ ▪▪▪▪▪ ▪▪▪ ▪▪ ▪▪▪▪ ▪▪▪▪▪ ▪▪▪ ▪▪▪▪ ▪▪▪ ▪▪▪▪▪ ▪▪ ▪▪▪▪ ▪▪▪ ▪▪▪▪▪ ▪▪ ▪▪▪▪ ▪▪▪ ▪▪▪▪▪ ▪▪▪ ▪▪▪▪ ▪▪ ▪▪▪▪▪ ▪▪▪ ▪▪▪▪ ▪▪▪ ▪▪▪▪▪ ▪▪ ▪▪▪▪ ▪▪▪ ▪▪▪▪▪ ▪▪▪ ▪▪ ▪▪▪▪ ▪▪▪▪▪ ▪▪▪ ▪▪▪▪ ▪▪▪ ▪▪▪▪▪ ▪▪ ▪▪▪▪ ▪▪▪ ▪▪▪▪▪ ▪▪ ▪▪▪▪ ▪▪▪ ▪▪▪▪▪ ▪▪▪ ▪▪▪▪ ▪▪ ▪▪▪▪▪ ▪▪▪ ▪▪▪▪ ▪▪▪ ▪▪▪▪▪ ▪▪ ▪▪▪▪ ▪▪▪ ▪▪▪▪▪ ▪▪▪ ▪▪ ▪▪▪▪ ▪▪▪▪▪ ▪▪▪ ▪▪▪▪ ▪▪▪ ▪▪▪▪▪ ▪▪ ▪▪▪▪ ▪▪▪ ▪▪▪▪▪ ▪▪ ▪▪▪▪ ▪▪▪ ▪▪▪▪▪ ▪▪▪ ▪▪▪▪ ▪▪ ▪▪▪▪▪ ▪▪▪ ▪▪▪▪ ▪▪▪ ▪▪▪▪▪ ▪▪ ▪▪▪▪ ▪▪▪ ▪▪▪▪▪ ▪▪▪ ▪▪ ▪▪▪▪ ▪▪▪▪▪ ▪▪▪ ▪▪▪▪ ▪▪▪ ▪▪▪▪▪ ▪▪ ▪▪▪▪ ▪▪▪▪ ▪▪▪▪▪ ▪▪▪ ▪▪▪▪ ▪▪ ▪▪▪▪▪ ▪▪▪ ▪▪▪▪ ▪▪▪ ▪▪▪▪▪ ▪▪ ▪▪▪▪
